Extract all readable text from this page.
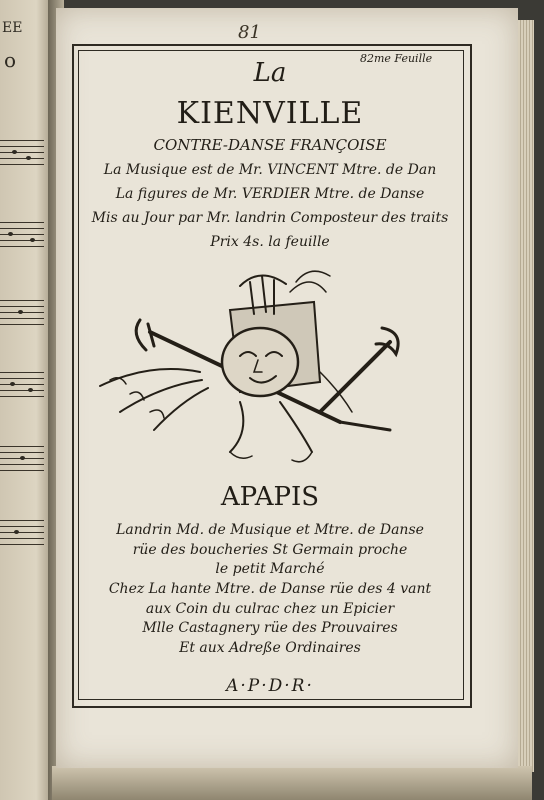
EE
o
81
82me Feuille
La
KIENVILLE
CONTRE-DANSE FRANÇOISE
La Musique est de Mr. VINCENT Mtre. de Dan
La figures de Mr. VERDIER Mtre. de Danse
Mis au Jour par Mr. landrin Composteur des traits
Prix 4s. la feuille
APAPIS
Landrin Md. de Musique et Mtre. de Danse
rüe des boucheries St Germain proche
le petit Marché
Chez La hante Mtre. de Danse rüe des 4 vant
aux Coin du culrac chez un Epicier
Mlle Castagnery rüe des Prouvaires
Et aux Adreße Ordinaires
A·P·D·R·
